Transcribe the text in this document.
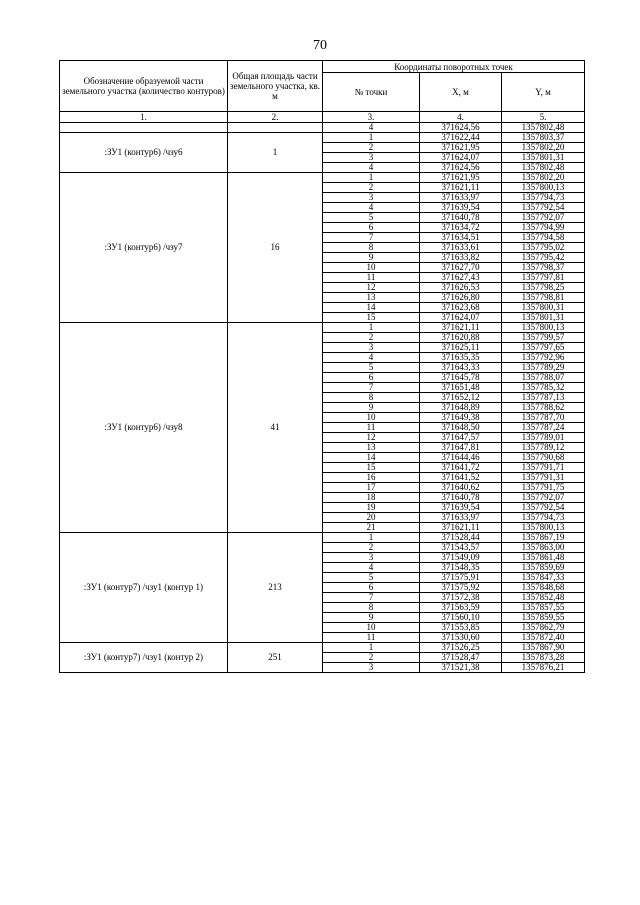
70
Обозначение образуемой части земельного участка (количество контуров)	Общая площадь части земельного участка, кв. м	Координаты поворотных точек		
		№ точки	X, м	Y, м
1.	2.	3.	4.	5.
		4	371624,56	1357802,48
:ЗУ1 (контур6) /чзу6	1	1	371622,44	1357803,37
		2	371621,95	1357802,20
		3	371624,07	1357801,31
		4	371624,56	1357802,48
:ЗУ1 (контур6) /чзу7	16	1	371621,95	1357802,20
		2	371621,11	1357800,13
		3	371633,97	1357794,73
		4	371639,54	1357792,54
		5	371640,78	1357792,07
		6	371634,72	1357794,99
		7	371634,51	1357794,58
		8	371633,61	1357795,02
		9	371633,82	1357795,42
		10	371627,70	1357798,37
		11	371627,43	1357797,81
		12	371626,53	1357798,25
		13	371626,80	1357798,81
		14	371623,68	1357800,31
		15	371624,07	1357801,31
:ЗУ1 (контур6) /чзу8	41	1	371621,11	1357800,13
		2	371620,88	1357799,57
		3	371625,11	1357797,65
		4	371635,35	1357792,96
		5	371643,33	1357789,29
		6	371645,78	1357788,07
		7	371651,48	1357785,32
		8	371652,12	1357787,13
		9	371648,89	1357788,62
		10	371649,38	1357787,70
		11	371648,50	1357787,24
		12	371647,57	1357789,01
		13	371647,81	1357789,12
		14	371644,46	1357790,68
		15	371641,72	1357791,71
		16	371641,52	1357791,31
		17	371640,62	1357791,75
		18	371640,78	1357792,07
		19	371639,54	1357792,54
		20	371633,97	1357794,73
		21	371621,11	1357800,13
:ЗУ1 (контур7) /чзу1 (контур 1)	213	1	371528,44	1357867,19
		2	371543,57	1357863,00
		3	371549,09	1357861,48
		4	371548,35	1357859,69
		5	371575,91	1357847,33
		6	371575,92	1357848,68
		7	371572,38	1357852,48
		8	371563,59	1357857,55
		9	371560,10	1357859,55
		10	371553,85	1357862,79
		11	371530,60	1357872,40
:ЗУ1 (контур7) /чзу1 (контур 2)	251	1	371526,25	1357867,90
		2	371528,47	1357873,28
		3	371521,38	1357876,21
